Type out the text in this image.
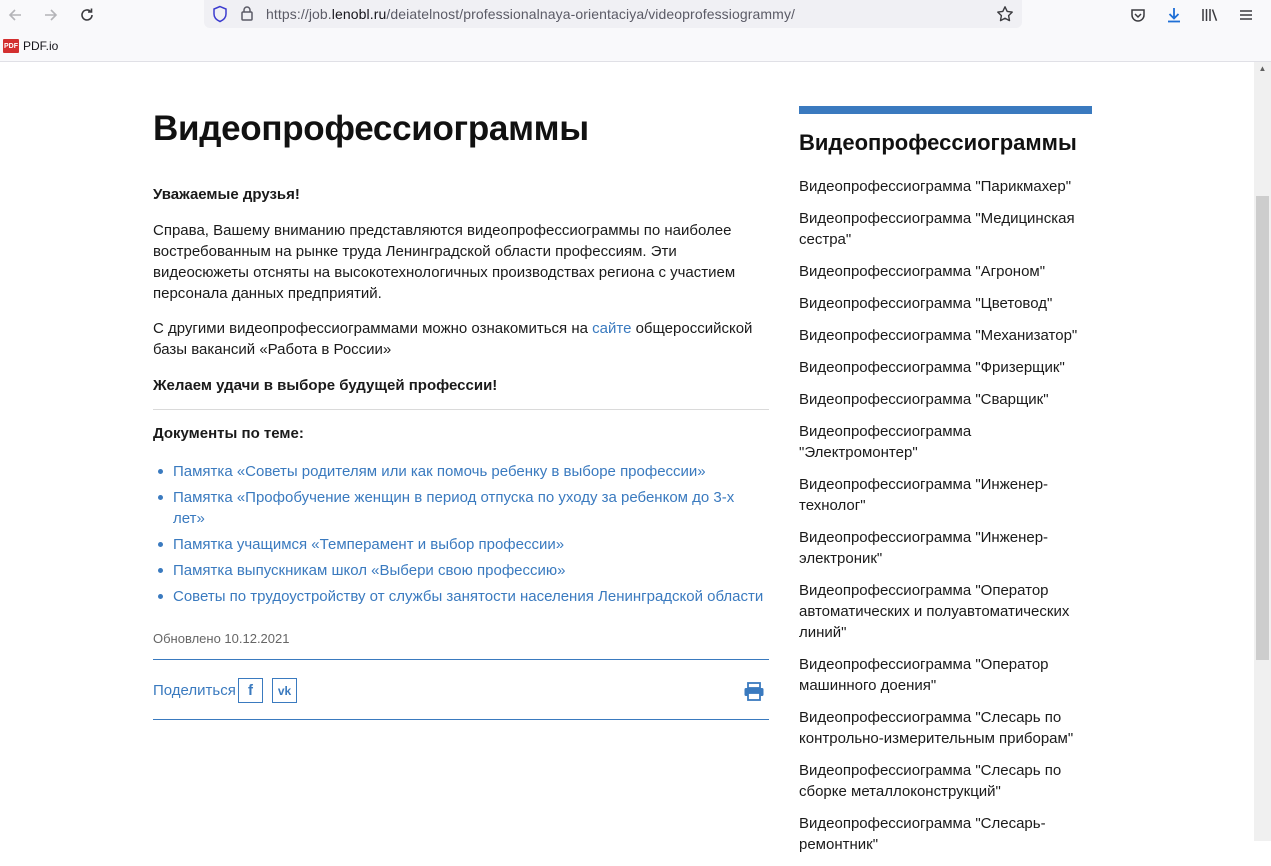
https://job.lenobl.ru/deiatelnost/professionalnaya-orientaciya/videoprofessiogrammy/
PDF PDF.io
▲
Видеопрофессиограммы
Уважаемые друзья!
Справа, Вашему вниманию представляются видеопрофессиограммы по наиболее востребованным на рынке труда Ленинградской области профессиям. Эти видеосюжеты отсняты на высокотехнологичных производствах региона с участием персонала данных предприятий.
С другими видеопрофессиограммами можно ознакомиться на сайте общероссийской базы вакансий «Работа в России»
Желаем удачи в выборе будущей профессии!
Документы по теме:
Памятка «Советы родителям или как помочь ребенку в выборе профессии»
Памятка «Профобучение женщин в период отпуска по уходу за ребенком до 3-х лет»
Памятка учащимся «Темперамент и выбор профессии»
Памятка выпускникам школ «Выбери свою профессию»
Советы по трудоустройству от службы занятости населения Ленинградской области
Обновлено 10.12.2021
Поделиться f vk
Видеопрофессиограммы
Видеопрофессиограмма "Парикмахер"
Видеопрофессиограмма "Медицинская сестра"
Видеопрофессиограмма "Агроном"
Видеопрофессиограмма "Цветовод"
Видеопрофессиограмма "Механизатор"
Видеопрофессиограмма "Фризерщик"
Видеопрофессиограмма "Сварщик"
Видеопрофессиограмма "Электромонтер"
Видеопрофессиограмма "Инженер-технолог"
Видеопрофессиограмма "Инженер-электроник"
Видеопрофессиограмма "Оператор автоматических и полуавтоматических линий"
Видеопрофессиограмма "Оператор машинного доения"
Видеопрофессиограмма "Слесарь по контрольно-измерительным приборам"
Видеопрофессиограмма "Слесарь по сборке металлоконструкций"
Видеопрофессиограмма "Слесарь-ремонтник"
